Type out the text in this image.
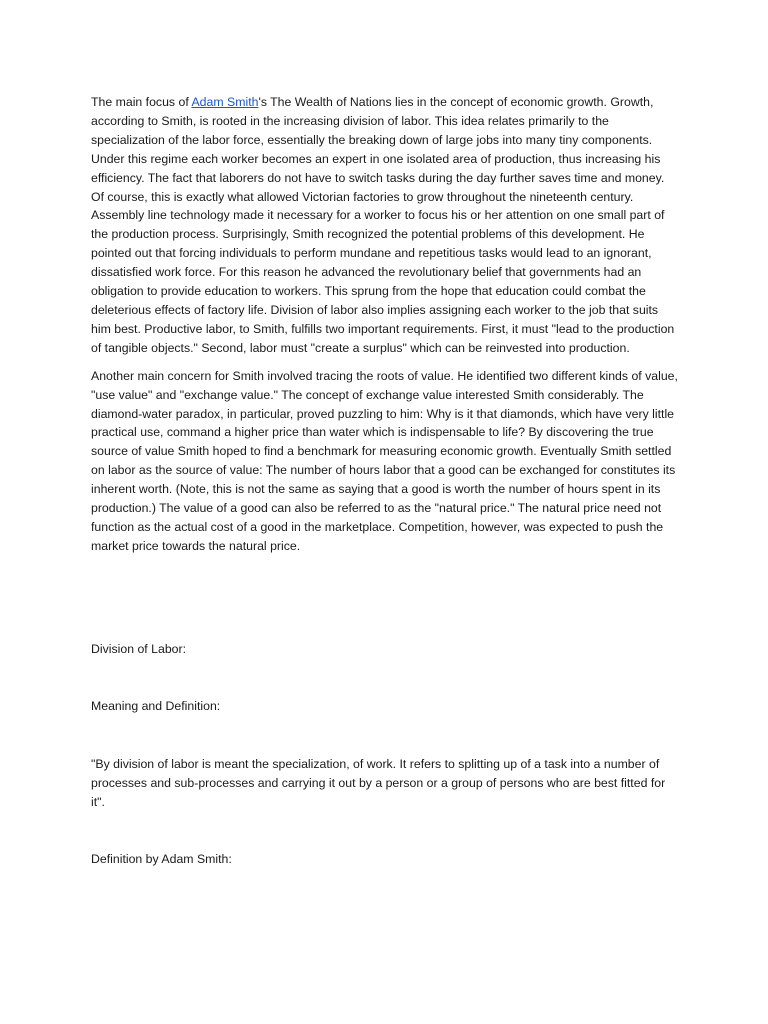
The main focus of Adam Smith's The Wealth of Nations lies in the concept of economic growth. Growth, according to Smith, is rooted in the increasing division of labor. This idea relates primarily to the specialization of the labor force, essentially the breaking down of large jobs into many tiny components. Under this regime each worker becomes an expert in one isolated area of production, thus increasing his efficiency. The fact that laborers do not have to switch tasks during the day further saves time and money. Of course, this is exactly what allowed Victorian factories to grow throughout the nineteenth century. Assembly line technology made it necessary for a worker to focus his or her attention on one small part of the production process. Surprisingly, Smith recognized the potential problems of this development. He pointed out that forcing individuals to perform mundane and repetitious tasks would lead to an ignorant, dissatisfied work force. For this reason he advanced the revolutionary belief that governments had an obligation to provide education to workers. This sprung from the hope that education could combat the deleterious effects of factory life. Division of labor also implies assigning each worker to the job that suits him best. Productive labor, to Smith, fulfills two important requirements. First, it must "lead to the production of tangible objects." Second, labor must "create a surplus" which can be reinvested into production.

Another main concern for Smith involved tracing the roots of value. He identified two different kinds of value, "use value" and "exchange value." The concept of exchange value interested Smith considerably. The diamond-water paradox, in particular, proved puzzling to him: Why is it that diamonds, which have very little practical use, command a higher price than water which is indispensable to life? By discovering the true source of value Smith hoped to find a benchmark for measuring economic growth. Eventually Smith settled on labor as the source of value: The number of hours labor that a good can be exchanged for constitutes its inherent worth. (Note, this is not the same as saying that a good is worth the number of hours spent in its production.) The value of a good can also be referred to as the "natural price." The natural price need not function as the actual cost of a good in the marketplace. Competition, however, was expected to push the market price towards the natural price.

Division of Labor:

Meaning and Definition:

"By division of labor is meant the specialization, of work. It refers to splitting up of a task into a number of processes and sub-processes and carrying it out by a person or a group of persons who are best fitted for it".

Definition by Adam Smith:
